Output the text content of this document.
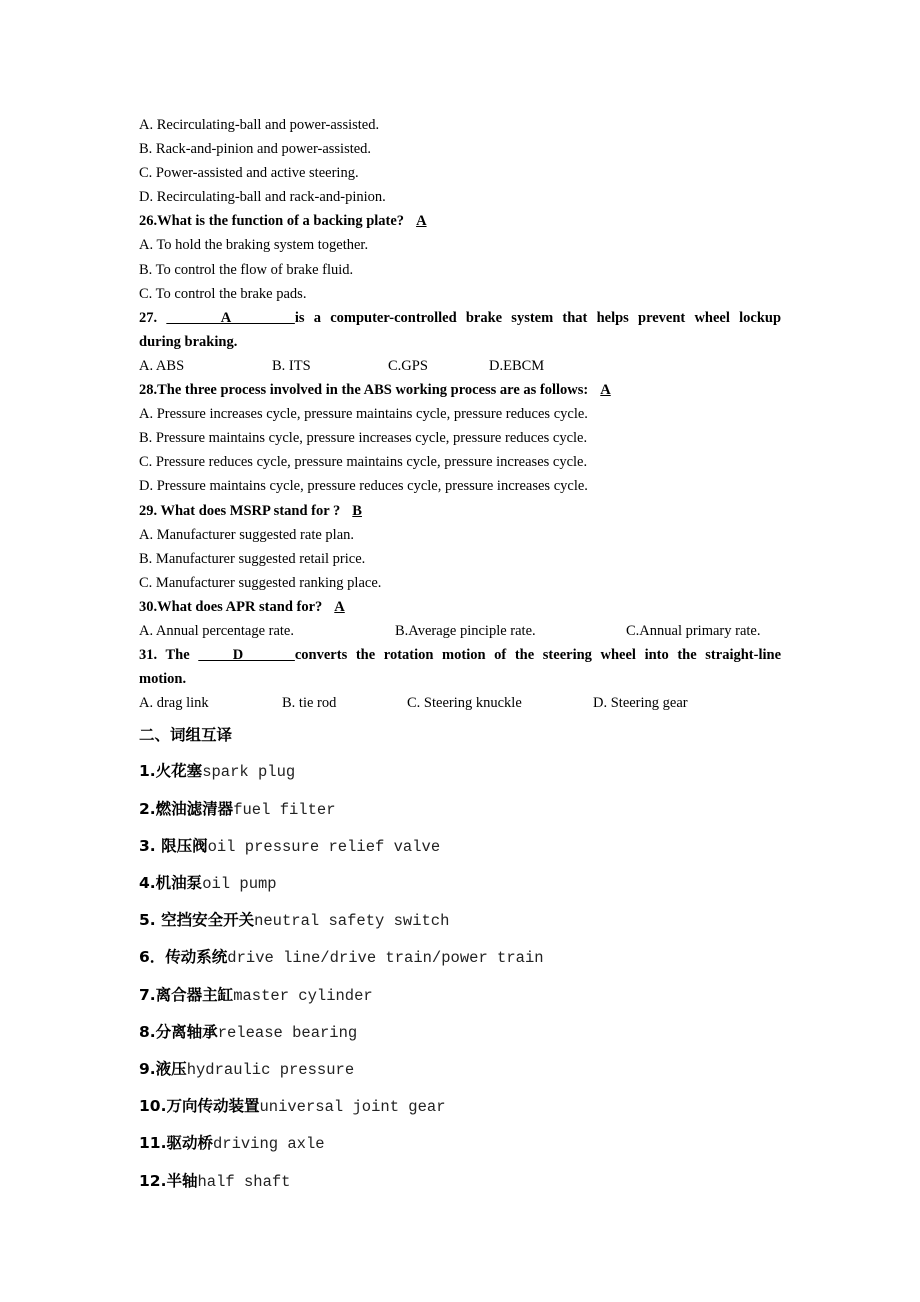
A. Recirculating-ball and power-assisted.
B. Rack-and-pinion and power-assisted.
C. Power-assisted and active steering.
D. Recirculating-ball and rack-and-pinion.
26.What is the function of a backing plate? A
A. To hold the braking system together.
B. To control the flow of brake fluid.
C. To control the brake pads.
27.       A       is a computer-controlled brake system that helps prevent wheel lockup
during braking.
A. ABS	B. ITS	C.GPS	D.EBCM
28.The three process involved in the ABS working process are as follows: A
A. Pressure increases cycle, pressure maintains cycle, pressure reduces cycle.
B. Pressure maintains cycle, pressure increases cycle, pressure reduces cycle.
C. Pressure reduces cycle, pressure maintains cycle, pressure increases cycle.
D. Pressure maintains cycle, pressure reduces cycle, pressure increases cycle.
29. What does MSRP stand for ? B
A. Manufacturer suggested rate plan.
B. Manufacturer suggested retail price.
C. Manufacturer suggested ranking place.
30.What does APR stand for? A
A. Annual percentage rate.	B.Average pinciple rate.	C.Annual primary rate.
31. The     D      converts the rotation motion of the steering wheel into the straight-line
motion.
A. drag link	B. tie rod	C. Steering knuckle	D. Steering gear
二、词组互译
1.火花塞spark plug
2.燃油滤清器fuel filter
3. 限压阀oil pressure relief valve
4.机油泵oil pump
5. 空挡安全开关neutral safety switch
6．传动系统drive line/drive train/power train
7.离合器主缸master cylinder
8.分离轴承release bearing
9.液压hydraulic pressure
10.万向传动装置universal joint gear
11.驱动桥driving axle
12.半轴half shaft
